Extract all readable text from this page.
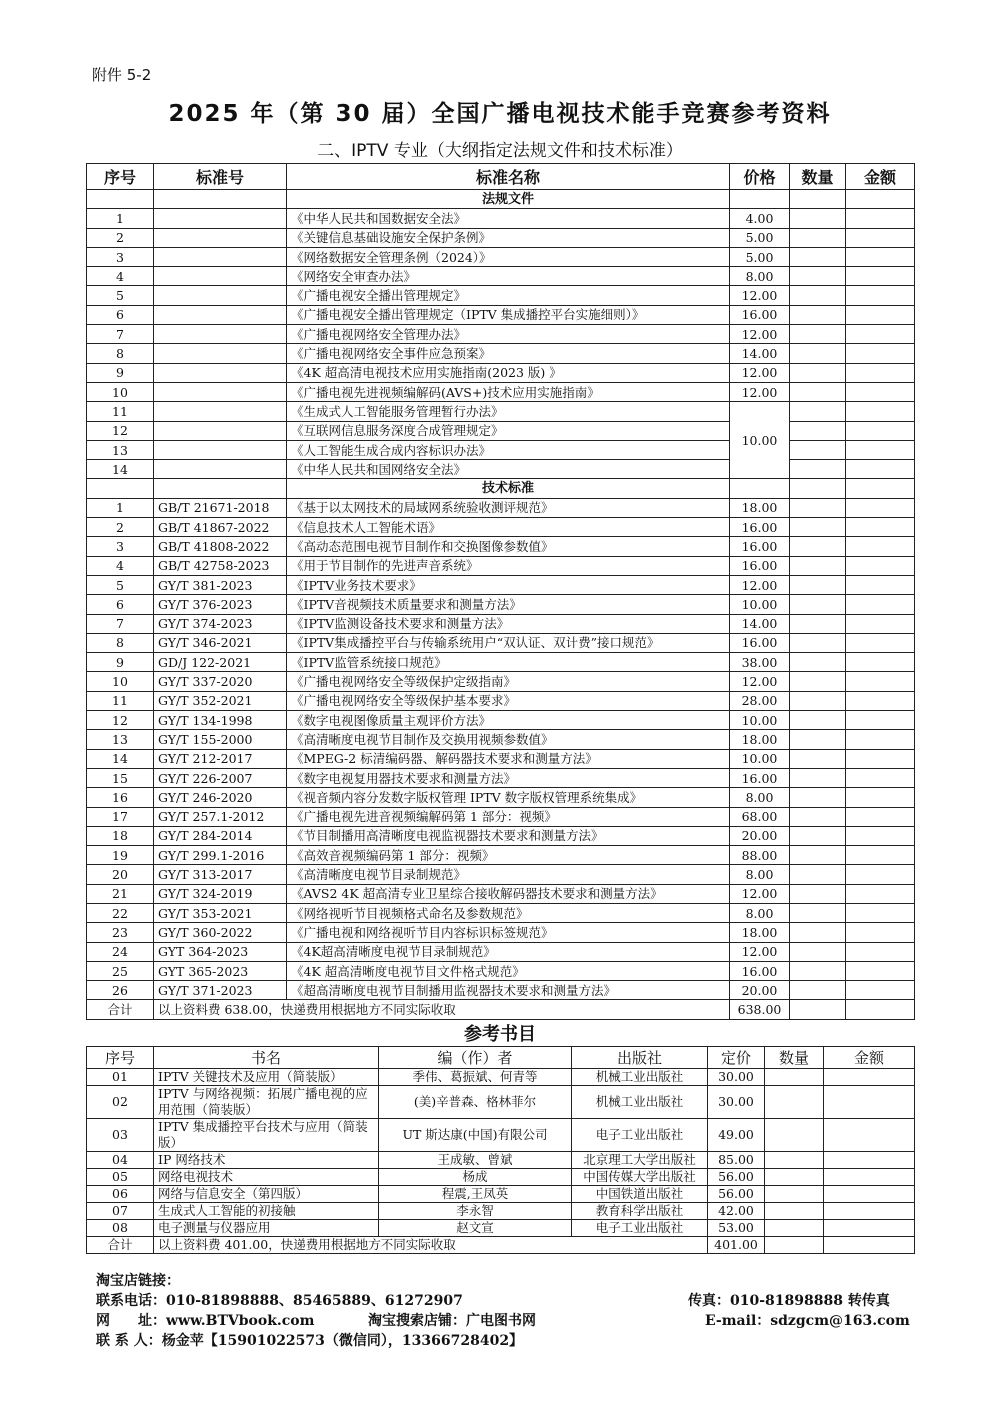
附件 5-2
2025 年（第 30 届）全国广播电视技术能手竞赛参考资料
二、IPTV 专业（大纲指定法规文件和技术标准）
序号	标准号	标准名称	价格	数量	金额
		法规文件			
1		《中华人民共和国数据安全法》	4.00		
2		《关键信息基础设施安全保护条例》	5.00		
3		《网络数据安全管理条例（2024）》	5.00		
4		《网络安全审查办法》	8.00		
5		《广播电视安全播出管理规定》	12.00		
6		《广播电视安全播出管理规定（IPTV 集成播控平台实施细则）》	16.00		
7		《广播电视网络安全管理办法》	12.00		
8		《广播电视网络安全事件应急预案》	14.00		
9		《4K 超高清电视技术应用实施指南(2023 版) 》	12.00		
10		《广播电视先进视频编解码(AVS+)技术应用实施指南》	12.00		
11		《生成式人工智能服务管理暂行办法》	10.00		
12		《互联网信息服务深度合成管理规定》			
13		《人工智能生成合成内容标识办法》			
14		《中华人民共和国网络安全法》			
		技术标准			
1	GB/T 21671-2018	《基于以太网技术的局域网系统验收测评规范》	18.00		
2	GB/T 41867-2022	《信息技术人工智能术语》	16.00		
3	GB/T 41808-2022	《高动态范围电视节目制作和交换图像参数值》	16.00		
4	GB/T 42758-2023	《用于节目制作的先进声音系统》	16.00		
5	GY/T 381-2023	《IPTV业务技术要求》	12.00		
6	GY/T 376-2023	《IPTV音视频技术质量要求和测量方法》	10.00		
7	GY/T 374-2023	《IPTV监测设备技术要求和测量方法》	14.00		
8	GY/T 346-2021	《IPTV集成播控平台与传输系统用户“双认证、双计费”接口规范》	16.00		
9	GD/J 122-2021	《IPTV监管系统接口规范》	38.00		
10	GY/T 337-2020	《广播电视网络安全等级保护定级指南》	12.00		
11	GY/T 352-2021	《广播电视网络安全等级保护基本要求》	28.00		
12	GY/T 134-1998	《数字电视图像质量主观评价方法》	10.00		
13	GY/T 155-2000	《高清晰度电视节目制作及交换用视频参数值》	18.00		
14	GY/T 212-2017	《MPEG-2 标清编码器、解码器技术要求和测量方法》	10.00		
15	GY/T 226-2007	《数字电视复用器技术要求和测量方法》	16.00		
16	GY/T 246-2020	《视音频内容分发数字版权管理 IPTV 数字版权管理系统集成》	8.00		
17	GY/T 257.1-2012	《广播电视先进音视频编解码第 1 部分：视频》	68.00		
18	GY/T 284-2014	《节目制播用高清晰度电视监视器技术要求和测量方法》	20.00		
19	GY/T 299.1-2016	《高效音视频编码第 1 部分：视频》	88.00		
20	GY/T 313-2017	《高清晰度电视节目录制规范》	8.00		
21	GY/T 324-2019	《AVS2 4K 超高清专业卫星综合接收解码器技术要求和测量方法》	12.00		
22	GY/T 353-2021	《网络视听节目视频格式命名及参数规范》	8.00		
23	GY/T 360-2022	《广播电视和网络视听节目内容标识标签规范》	18.00		
24	GYT 364-2023	《4K超高清晰度电视节目录制规范》	12.00		
25	GYT 365-2023	《4K 超高清晰度电视节目文件格式规范》	16.00		
26	GY/T 371-2023	《超高清晰度电视节目制播用监视器技术要求和测量方法》	20.00		
合计	以上资料费 638.00，快递费用根据地方不同实际收取		638.00		
参考书目
序号	书名	编（作）者	出版社	定价	数量	金额
01	IPTV 关键技术及应用（简装版）	季伟、葛振斌、何青等	机械工业出版社	30.00		
02	IPTV 与网络视频：拓展广播电视的应用范围（简装版）	(美)辛普森、格林菲尔	机械工业出版社	30.00		
03	IPTV 集成播控平台技术与应用（简装版）	UT 斯达康(中国)有限公司	电子工业出版社	49.00		
04	IP 网络技术	王成敏、曾斌	北京理工大学出版社	85.00		
05	网络电视技术	杨成	中国传媒大学出版社	56.00		
06	网络与信息安全（第四版）	程震,王凤英	中国铁道出版社	56.00		
07	生成式人工智能的初接触	李永智	教育科学出版社	42.00		
08	电子测量与仪器应用	赵文宣	电子工业出版社	53.00		
合计	以上资料费 401.00，快递费用根据地方不同实际收取			401.00		
淘宝店链接：
联系电话：010-81898888、85465889、61272907	传真：010-81898888 转传真
网　　址：www.BTVbook.com	淘宝搜索店铺：广电图书网	E-mail：sdzgcm@163.com
联 系 人：杨金苹【15901022573（微信同），13366728402】
